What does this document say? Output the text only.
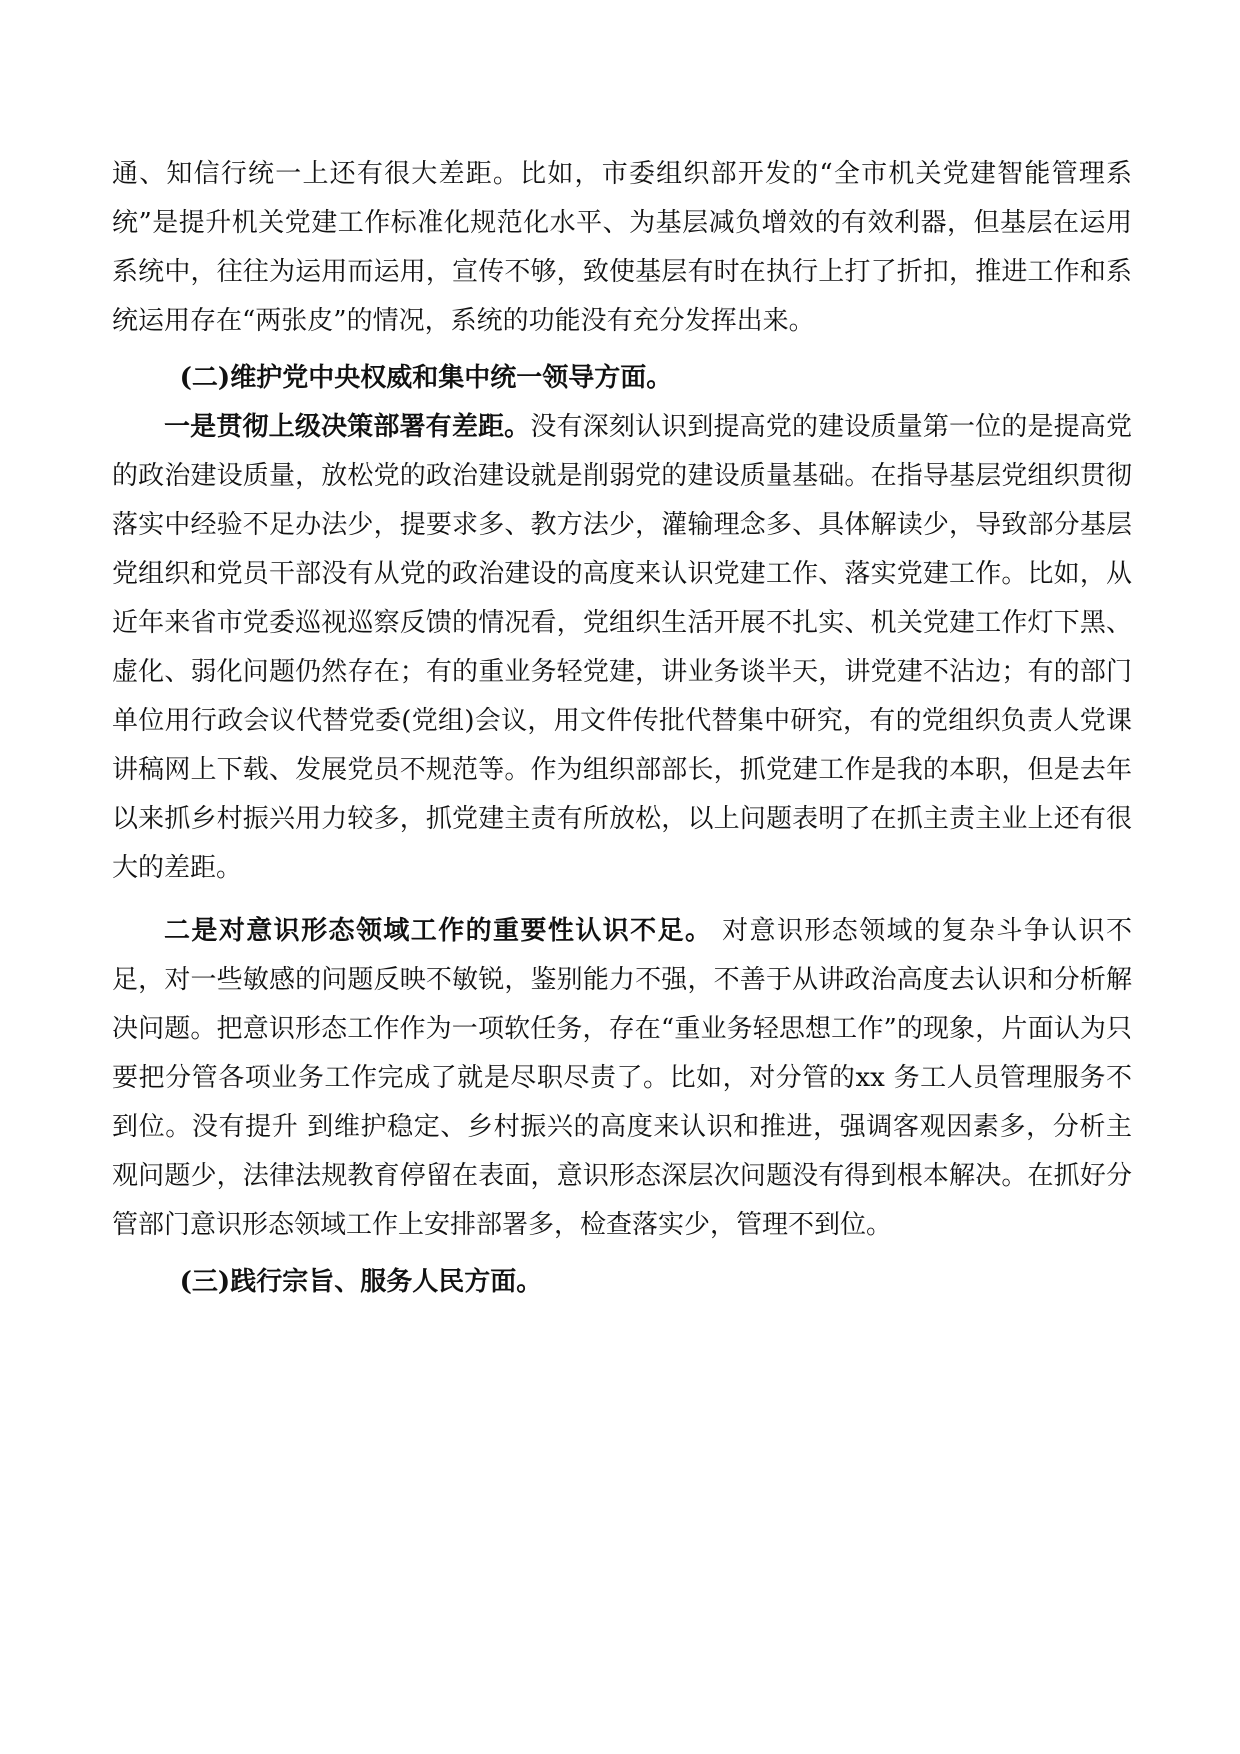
通、知信行统一上还有很大差距。比如，市委组织部开发的“全市机关党建智能管理系统”是提升机关党建工作标准化规范化水平、为基层减负增效的有效利器，但基层在运用系统中，往往为运用而运用，宣传不够，致使基层有时在执行上打了折扣，推进工作和系统运用存在“两张皮”的情况，系统的功能没有充分发挥出来。

(二)维护党中央权威和集中统一领导方面。

一是贯彻上级决策部署有差距。没有深刻认识到提高党的建设质量第一位的是提高党的政治建设质量，放松党的政治建设就是削弱党的建设质量基础。在指导基层党组织贯彻落实中经验不足办法少，提要求多、教方法少，灌输理念多、具体解读少，导致部分基层党组织和党员干部没有从党的政治建设的高度来认识党建工作、落实党建工作。比如，从近年来省市党委巡视巡察反馈的情况看，党组织生活开展不扎实、机关党建工作灯下黑、虚化、弱化问题仍然存在；有的重业务轻党建，讲业务谈半天，讲党建不沾边；有的部门单位用行政会议代替党委(党组)会议，用文件传批代替集中研究，有的党组织负责人党课讲稿网上下载、发展党员不规范等。作为组织部部长，抓党建工作是我的本职，但是去年以来抓乡村振兴用力较多，抓党建主责有所放松，以上问题表明了在抓主责主业上还有很大的差距。

二是对意识形态领域工作的重要性认识不足。 对意识形态领域的复杂斗争认识不足，对一些敏感的问题反映不敏锐，鉴别能力不强，不善于从讲政治高度去认识和分析解决问题。把意识形态工作作为一项软任务，存在“重业务轻思想工作”的现象，片面认为只要把分管各项业务工作完成了就是尽职尽责了。比如，对分管的xx 务工人员管理服务不到位。没有提升 到维护稳定、乡村振兴的高度来认识和推进，强调客观因素多，分析主观问题少，法律法规教育停留在表面，意识形态深层次问题没有得到根本解决。在抓好分管部门意识形态领域工作上安排部署多，检查落实少，管理不到位。

(三)践行宗旨、服务人民方面。
